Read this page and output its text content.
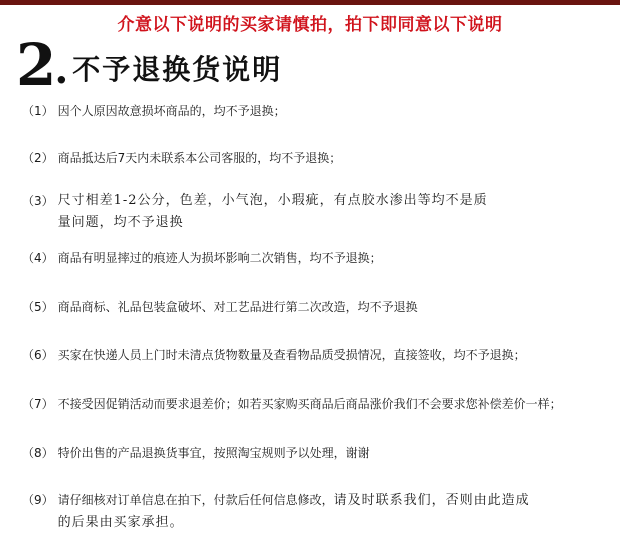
介意以下说明的买家请慎拍，拍下即同意以下说明
2
. 不予退换货说明
（1） 因个人原因故意损坏商品的，均不予退换；
（2） 商品抵达后7天内未联系本公司客服的，均不予退换；
（3） 尺寸相差1-2公分，色差，小气泡，小瑕疵，有点胶水渗出等均不是质
量问题，均不予退换
（4） 商品有明显摔过的痕迹人为损坏影响二次销售，均不予退换；
（5） 商品商标、礼品包装盒破坏、对工艺品进行第二次改造，均不予退换
（6） 买家在快递人员上门时未清点货物数量及查看物品质受损情况，直接签收，均不予退换；
（7） 不接受因促销活动而要求退差价；如若买家购买商品后商品涨价我们不会要求您补偿差价一样；
（8） 特价出售的产品退换货事宜，按照淘宝规则予以处理，谢谢
（9） 请仔细核对订单信息在拍下，付款后任何信息修改，请及时联系我们，否则由此造成
的后果由买家承担。
